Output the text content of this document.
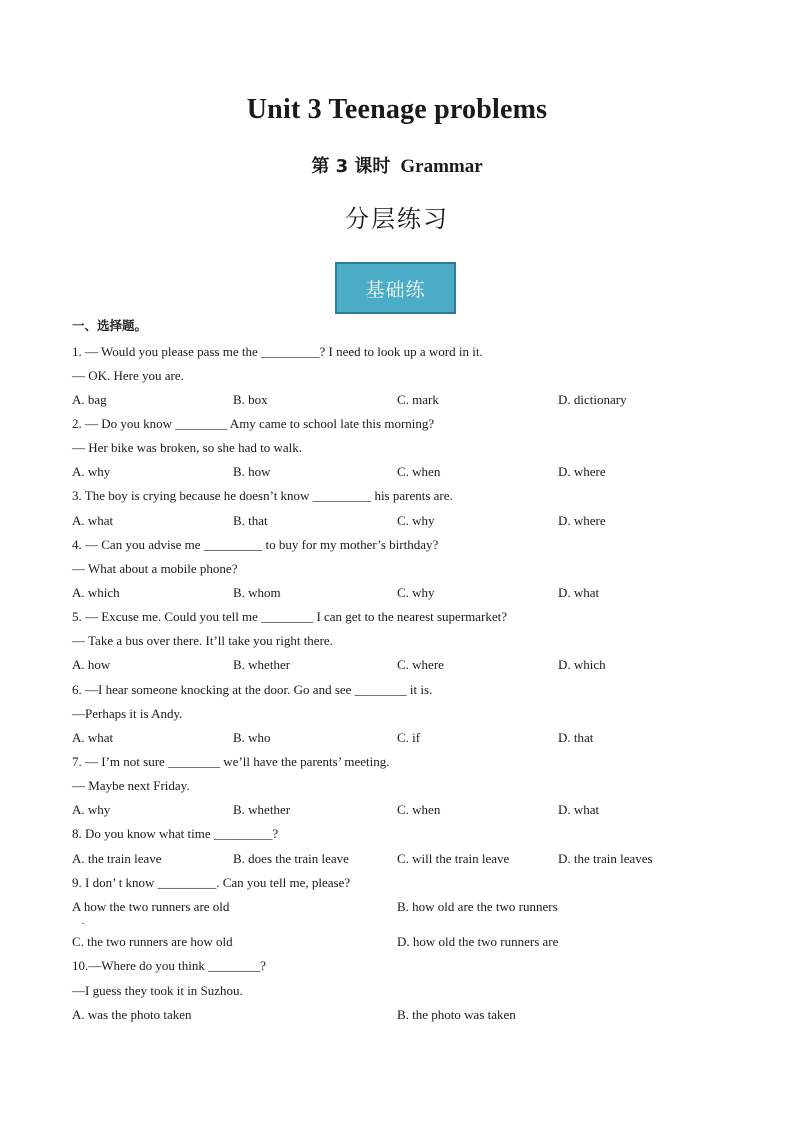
Unit 3 Teenage problems
第 3 课时 Grammar
分层练习
基础练
一、选择题。
1. — Would you please pass me the _________? I need to look up a word in it.
— OK. Here you are.
A. bag	B. box	C. mark	D. dictionary
2. — Do you know ________ Amy came to school late this morning?
— Her bike was broken, so she had to walk.
A. why	B. how	C. when	D. where
3. The boy is crying because he doesn’t know _________ his parents are.
A. what	B. that	C. why	D. where
4. — Can you advise me _________ to buy for my mother’s birthday?
— What about a mobile phone?
A. which	B. whom	C. why	D. what
5. — Excuse me. Could you tell me ________ I can get to the nearest supermarket?
— Take a bus over there. It’ll take you right there.
A. how	B. whether	C. where	D. which
6. —I hear someone knocking at the door. Go and see ________ it is.
—Perhaps it is Andy.
A. what	B. who	C. if	D. that
7. — I’m not sure ________ we’ll have the parents’ meeting.
— Maybe next Friday.
A. why	B. whether	C. when	D. what
8. Do you know what time _________?
A. the train leave	B. does the train leave	C. will the train leave	D. the train leaves
9. I don’ t know _________. Can you tell me, please?
A how the two runners are old	B. how old are the two runners
.
C. the two runners are how old	D. how old the two runners are
10.—Where do you think ________?
—I guess they took it in Suzhou.
A. was the photo taken	B. the photo was taken
